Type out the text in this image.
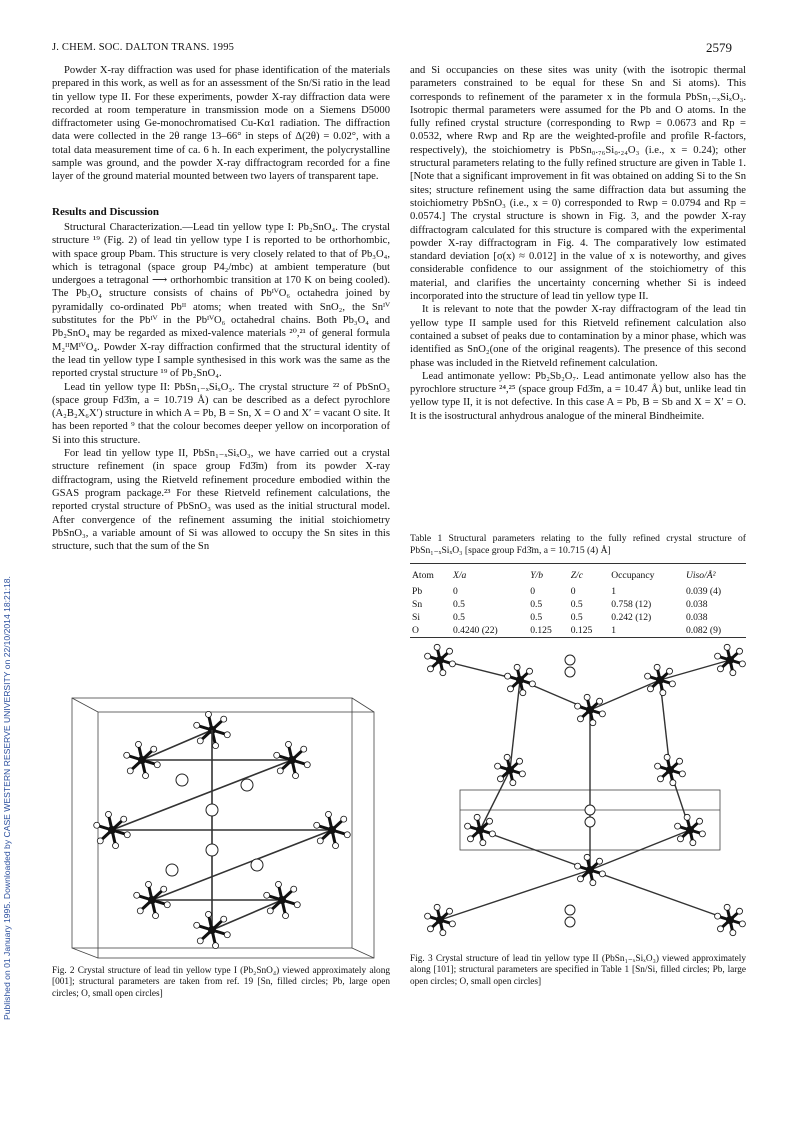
J. CHEM. SOC. DALTON TRANS. 1995	2579
Published on 01 January 1995. Downloaded by CASE WESTERN RESERVE UNIVERSITY on 22/10/2014 18:21:18.

Powder X-ray diffraction was used for phase identification of the materials prepared in this work, as well as for an assessment of the Sn/Si ratio in the lead tin yellow type II. For these experiments, powder X-ray diffraction data were recorded at room temperature in transmission mode on a Siemens D5000 diffractometer using Ge-monochromatised Cu-Kα1 radiation. The diffraction data were collected in the 2θ range 13–66° in steps of Δ(2θ) = 0.02°, with a total data measurement time of ca. 6 h. In each experiment, the polycrystalline sample was ground, and the powder X-ray diffractogram recorded for a fine layer of the ground material mounted between two layers of transparent tape.

Results and Discussion

Structural Characterization.—Lead tin yellow type I: Pb₂SnO₄. The crystal structure ¹⁹ (Fig. 2) of lead tin yellow type I is reported to be orthorhombic, with space group Pbam. This structure is very closely related to that of Pb₃O₄, which is tetragonal (space group P4₂/mbc) at ambient temperature (but undergoes a tetragonal ⟶ orthorhombic transition at 170 K on being cooled). The Pb₃O₄ structure consists of chains of PbᴵⱽO₆ octahedra joined by pyramidally co-ordinated Pbᴵᴵ atoms; when treated with SnO₂, the Snᴵⱽ substitutes for the Pbᴵⱽ in the PbᴵⱽO₆ octahedral chains. Both Pb₃O₄ and Pb₂SnO₄ may be regarded as mixed-valence materials ²⁰,²¹ of general formula M₂ᴵᴵMᴵⱽO₄. Powder X-ray diffraction confirmed that the structural identity of the lead tin yellow type I sample synthesised in this work was the same as the reported crystal structure ¹⁹ of Pb₂SnO₄.

Lead tin yellow type II: PbSn₁₋ₓSiₓO₃. The crystal structure ²² of PbSnO₃ (space group Fd3̄m, a = 10.719 Å) can be described as a defect pyrochlore (A₂B₂X₆X′) structure in which A = Pb, B = Sn, X = O and X′ = vacant O site. It has been reported ⁹ that the colour becomes deeper yellow on incorporation of Si into this structure.

For lead tin yellow type II, PbSn₁₋ₓSiₓO₃, we have carried out a crystal structure refinement (in space group Fd3̄m) from its powder X-ray diffractogram, using the Rietveld refinement procedure embodied within the GSAS program package.²³ For these Rietveld refinement calculations, the reported crystal structure of PbSnO₃ was used as the initial structural model. After convergence of the refinement assuming the initial stoichiometry PbSnO₃, a variable amount of Si was allowed to occupy the Sn sites in this structure, such that the sum of the Sn

and Si occupancies on these sites was unity (with the isotropic thermal parameters constrained to be equal for these Sn and Si atoms). This corresponds to refinement of the parameter x in the formula PbSn₁₋ₓSiₓO₃. Isotropic thermal parameters were assumed for the Pb and O atoms. In the fully refined crystal structure (corresponding to Rwp = 0.0673 and Rp = 0.0532, where Rwp and Rp are the weighted-profile and profile R-factors, respectively), the stoichiometry is PbSn₀.₇₆Si₀.₂₄O₃ (i.e., x = 0.24); other structural parameters relating to the fully refined structure are given in Table 1. [Note that a significant improvement in fit was obtained on adding Si to the Sn sites; structure refinement using the same diffraction data but assuming the stoichiometry PbSnO₃ (i.e., x = 0) corresponded to Rwp = 0.0794 and Rp = 0.0574.] The crystal structure is shown in Fig. 3, and the powder X-ray diffractogram calculated for this structure is compared with the experimental powder X-ray diffractogram in Fig. 4. The comparatively low estimated standard deviation [σ(x) ≈ 0.012] in the value of x is noteworthy, and gives considerable confidence to our assignment of the stoichiometry of this material, and clarifies the uncertainty concerning whether Si is indeed incorporated into the structure of lead tin yellow type II.

It is relevant to note that the powder X-ray diffractogram of the lead tin yellow type II sample used for this Rietveld refinement calculation also contained a subset of peaks due to contamination by a minor phase, which was identified as SnO₂(one of the original reagents). The presence of this second phase was included in the Rietveld refinement calculation.

Lead antimonate yellow: Pb₂Sb₂O₇. Lead antimonate yellow also has the pyrochlore structure ²⁴,²⁵ (space group Fd3̄m, a = 10.47 Å) but, unlike lead tin yellow type II, it is not defective. In this case A = Pb, B = Sb and X = X′ = O. It is the isostructural anhydrous analogue of the mineral Bindheimite.

Table 1 Structural parameters relating to the fully refined crystal structure of PbSn₁₋ₓSiₓO₃ [space group Fd3̄m, a = 10.715 (4) Å]

Atom	X/a	Y/b	Z/c	Occupancy	Uiso/Å²
Pb	0	0	0	1	0.039 (4)
Sn	0.5	0.5	0.5	0.758 (12)	0.038
Si	0.5	0.5	0.5	0.242 (12)	0.038
O	0.4240 (22)	0.125	0.125	1	0.082 (9)
Fig. 2 Crystal structure of lead tin yellow type I (Pb₂SnO₄) viewed approximately along [001]; structural parameters are taken from ref. 19 [Sn, filled circles; Pb, large open circles; O, small open circles]
Fig. 3 Crystal structure of lead tin yellow type II (PbSn₁₋ₓSiₓO₃) viewed approximately along [101]; structural parameters are specified in Table 1 [Sn/Si, filled circles; Pb, large open circles; O, small open circles]
